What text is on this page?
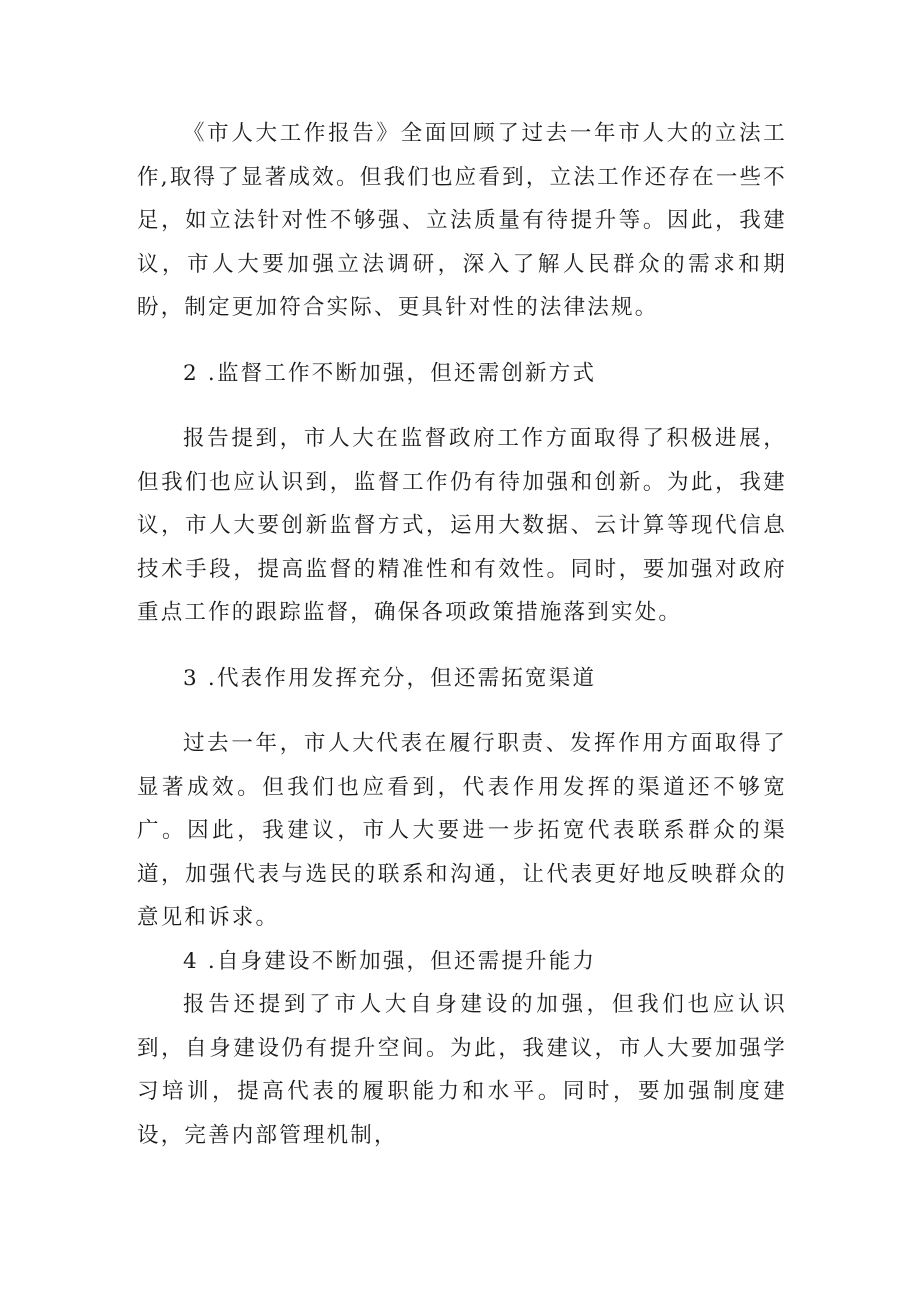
《市人大工作报告》全面回顾了过去一年市人大的立法工作,取得了显著成效。但我们也应看到，立法工作还存在一些不足，如立法针对性不够强、立法质量有待提升等。因此，我建议，市人大要加强立法调研，深入了解人民群众的需求和期盼，制定更加符合实际、更具针对性的法律法规。

2 .监督工作不断加强，但还需创新方式

报告提到，市人大在监督政府工作方面取得了积极进展，但我们也应认识到，监督工作仍有待加强和创新。为此，我建议，市人大要创新监督方式，运用大数据、云计算等现代信息技术手段，提高监督的精准性和有效性。同时，要加强对政府重点工作的跟踪监督，确保各项政策措施落到实处。

3 .代表作用发挥充分，但还需拓宽渠道

过去一年，市人大代表在履行职责、发挥作用方面取得了显著成效。但我们也应看到，代表作用发挥的渠道还不够宽广。因此，我建议，市人大要进一步拓宽代表联系群众的渠道，加强代表与选民的联系和沟通，让代表更好地反映群众的意见和诉求。

4 .自身建设不断加强，但还需提升能力

报告还提到了市人大自身建设的加强，但我们也应认识到，自身建设仍有提升空间。为此，我建议，市人大要加强学习培训，提高代表的履职能力和水平。同时，要加强制度建设，完善内部管理机制，
